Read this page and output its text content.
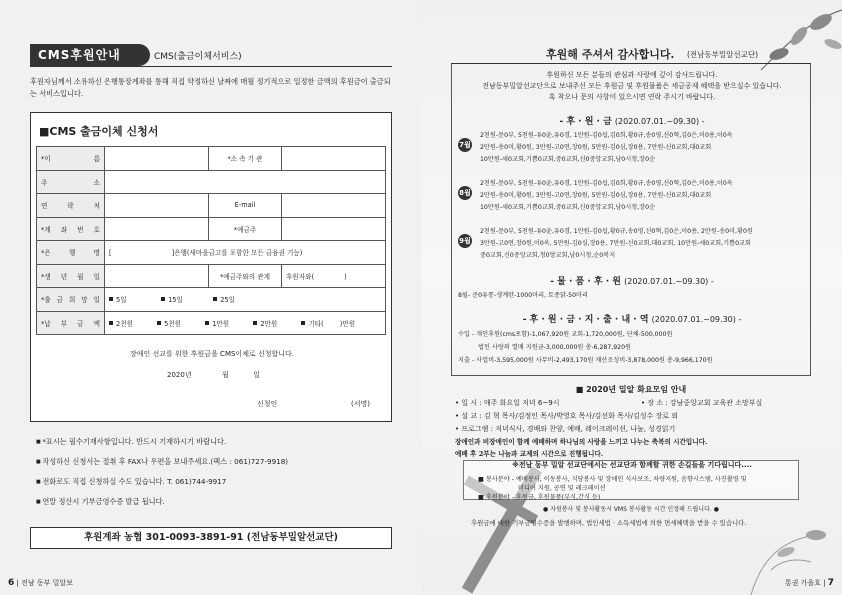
CMS후원안내	CMS(출금이체서비스)
후원자님께서 소유하신 은행통장계좌를 통해 직접 약정하신 날짜에 매월 정기적으로 일정한 금액의 후원금이 출금되는 서비스입니다.
■CMS 출금이체 신청서
*이 름		*소 속 기 관	
주 소			
연 락 처		E-mail	
*계 좌 번 호		*예금주	
*은 행 명	[ ]은행(새마을금고를 포함한 모든 금융권 기능)		
*생 년 월 일		*예금주와의 관계	후원자와( )
*출 금 희 망 일	5일 15일 25일		
*납 부 금 액	2천원 5천원 1만원 2만원 기타( )만원		
장애인 선교를 위한 후원금을 CMS이체로 신청합니다.
2020년	월	일
신청인	(서명)
■ *표시는 필수기재사항입니다. 반드시 기재하시기 바랍니다.
■ 작성하신 신청서는 절취 후 FAX나 우편을 보내주세요.(팩스 : 061)727-9918)
■ 전화로도 직접 신청하실 수도 있습니다. T. 061)744-9917
■ 연말 정산시 기부금영수증 발급 됩니다.
후원계좌 농협 301-0093-3891-91 (전남동부밀알선교단)
6 | 전남 동부 밀알보
후원해 주셔서 감사합니다. (전남동부밀알선교단)
후원하신 모든 분들의 관심과 사랑에 깊이 감사드립니다.
전남동부밀알선교단으로 보내주신 모든 후원금 및 후원물품은 세금공제 혜택을 받으실수 있습니다.
혹 착오나 문의 사항이 있으시면 연락 주시기 바랍니다.
- 후 · 원 · 금 (2020.07.01.~09.30) -
7월
2천원-문0부, 5천원-유0윤,유0경, 1만원-김0섭,김0희,황0규,송0영,신0혁,김0은,이0용,이0옥
2만원-송0미,황0원, 3만원-고0연,장0원, 5만원-김0심,장0용, 7만원-신0교회,대0교회
10만원-세0교회,기쁨0교회,중0교회,신0중앙교회,남0시청,장0순
8월
2천원-문0부, 5천원-유0윤,유0경, 1만원-김0섭,김0희,황0규,송0영,신0혁,김0은,이0용,이0옥
2만원-송0미,황0원, 3만원-고0연,장0원, 5만원-김0심,장0용, 7만원-신0교회,대0교회
10만원-세0교회,기쁨0교회,중0교회,신0중앙교회,남0시청,장0순
9월
2천원-문0부, 5천원-유0윤,유0경, 1만원-김0섭,황0규,송0영,신0혁,김0은,이0용, 2만원-송0미,황0원
3만원-고0연,장0원,이0옥, 5만원-김0심,장0용, 7만원-신0교회,대0교회, 10만원-세0교회,기쁨0교회
중0교회,신0중앙교회,청0양교회,남0시청,순0복지
- 물 · 품 · 후 · 원 (2020.07.01.~09.30) -
8월- 준0유통-생계란-1000마리, 토종닭-50마리
- 후 · 원 · 금 · 지 · 출 · 내 · 역 (2020.07.01.~09.30) -
수입 - 개인후원(cms포함)-1,067,920원 교회-1,720,000원, 단체-500,000원
법인 사랑의 열매 지원금-3,000,000원 총-6,287,920원
지출 - 사업비-3,595,000원 사무비-2,493,170원 재산조성비-3,878,000원 총-9,966,170원
■ 2020년 밀알 화요모임 안내
• 일 시 : 매주 화요일 저녁 6~9시	• 장 소 : 강남중앙교회 교육관 소망부실
• 설 교 : 김 혁 목사/김정인 목사/박영호 목사/김선화 목사/김성수 장로 외
• 프로그램 : 저녁식사, 경배와 찬양, 예배, 레이크레이션, 나눔, 성경읽기
장애인과 비장애인이 함께 예배하며 하나님의 사랑을 느끼고 나누는 축복의 시간입니다.
예배 후 2부는 나눔과 교제의 시간으로 진행됩니다.
※전남 동부 밀알 선교단에서는 선교단과 함께할 귀한 손길들을 기다립니다....
■ 봉사분야 - 예배봉사, 이동봉사, 식당봉사 및 장애인 식사보조, 차량지원, 음향시스템, 사진촬영 및
미디어 지원, 공연 및 레크레이션
■ 후원분야 - 후원금, 후원물품(부식,간식 등)
● 자원봉사 및 봉사활동시 VMS 봉사활동 시간 인정해 드립니다. ●
후원금에 대한 기부금영수증을 발행하며, 법인세법 · 소득세법에 의한 면세혜택을 받을 수 있습니다.
통권 가을호 | 7
